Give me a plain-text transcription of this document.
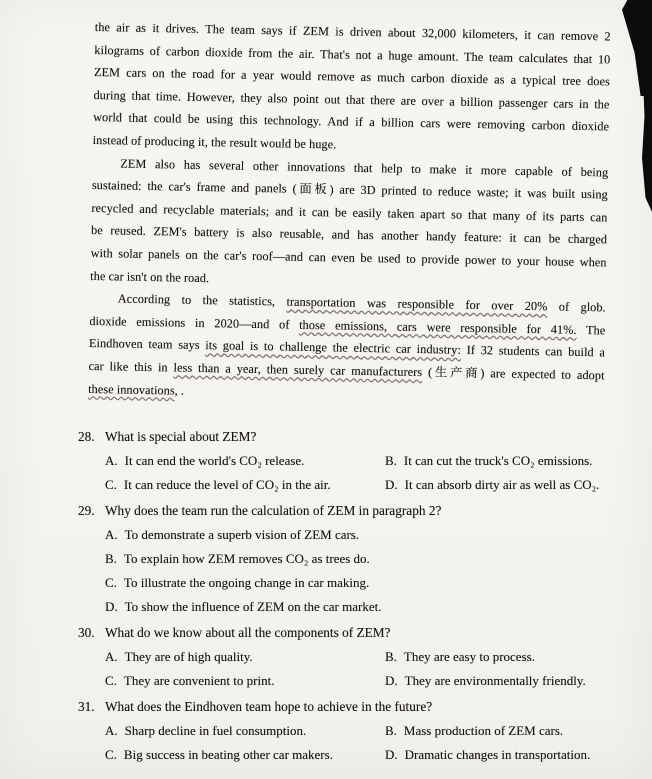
the air as it drives. The team says if ZEM is driven about 32,000 kilometers, it can remove 2
kilograms of carbon dioxide from the air. That's not a huge amount. The team calculates that 10
ZEM cars on the road for a year would remove as much carbon dioxide as a typical tree does
during that time. However, they also point out that there are over a billion passenger cars in the
world that could be using this technology. And if a billion cars were removing carbon dioxide
instead of producing it, the result would be huge.
ZEM also has several other innovations that help to make it more capable of being
sustained: the car's frame and panels (面板) are 3D printed to reduce waste; it was built using
recycled and recyclable materials; and it can be easily taken apart so that many of its parts can
be reused. ZEM's battery is also reusable, and has another handy feature: it can be charged
with solar panels on the car's roof—and can even be used to provide power to your house when
the car isn't on the road.
According to the statistics, transportation was responsible for over 20% of glob.
dioxide emissions in 2020—and of those emissions, cars were responsible for 41%. The
Eindhoven team says its goal is to challenge the electric car industry: If 32 students can build a
car like this in less than a year, then surely car manufacturers (生产商) are expected to adopt
these innovations, .
28. What is special about ZEM?
A. It can end the world's CO₂ release.	B. It can cut the truck's CO₂ emissions.
C. It can reduce the level of CO₂ in the air.	D. It can absorb dirty air as well as CO₂.
29. Why does the team run the calculation of ZEM in paragraph 2?
A. To demonstrate a superb vision of ZEM cars.
B. To explain how ZEM removes CO₂ as trees do.
C. To illustrate the ongoing change in car making.
D. To show the influence of ZEM on the car market.
30. What do we know about all the components of ZEM?
A. They are of high quality.	B. They are easy to process.
C. They are convenient to print.	D. They are environmentally friendly.
31. What does the Eindhoven team hope to achieve in the future?
A. Sharp decline in fuel consumption.	B. Mass production of ZEM cars.
C. Big success in beating other car makers.	D. Dramatic changes in transportation.
